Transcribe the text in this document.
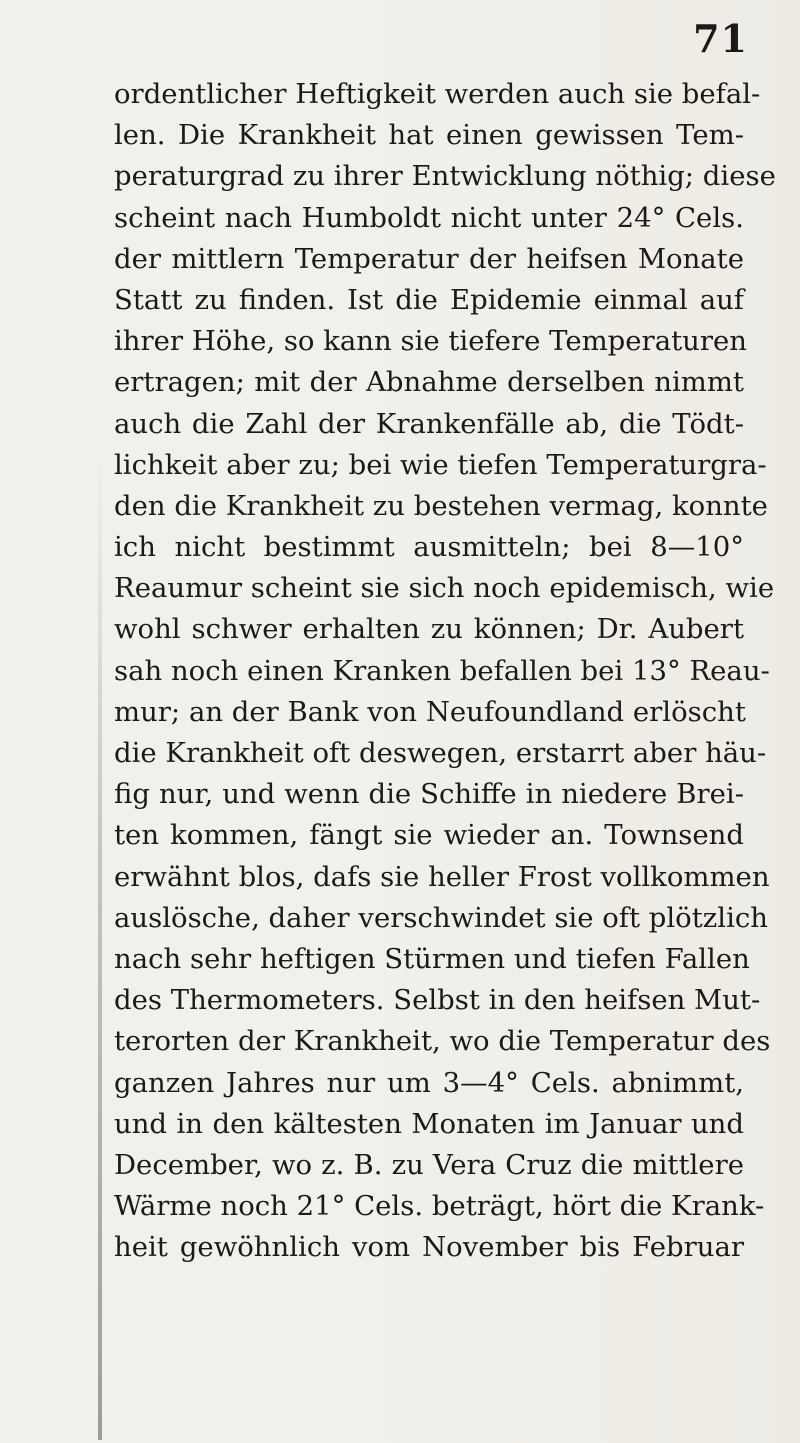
71
ordentlicher Heftigkeit werden auch sie befal-
len. Die Krankheit hat einen gewissen Tem-
peraturgrad zu ihrer Entwicklung nöthig; diese
scheint nach Humboldt nicht unter 24° Cels.
der mittlern Temperatur der heifsen Monate
Statt zu finden. Ist die Epidemie einmal auf
ihrer Höhe, so kann sie tiefere Temperaturen
ertragen; mit der Abnahme derselben nimmt
auch die Zahl der Krankenfälle ab, die Tödt-
lichkeit aber zu; bei wie tiefen Temperaturgra-
den die Krankheit zu bestehen vermag, konnte
ich nicht bestimmt ausmitteln; bei 8—10°
Reaumur scheint sie sich noch epidemisch, wie
wohl schwer erhalten zu können; Dr. Aubert
sah noch einen Kranken befallen bei 13° Reau-
mur; an der Bank von Neufoundland erlöscht
die Krankheit oft deswegen, erstarrt aber häu-
fig nur, und wenn die Schiffe in niedere Brei-
ten kommen, fängt sie wieder an. Townsend
erwähnt blos, dafs sie heller Frost vollkommen
auslösche, daher verschwindet sie oft plötzlich
nach sehr heftigen Stürmen und tiefen Fallen
des Thermometers. Selbst in den heifsen Mut-
terorten der Krankheit, wo die Temperatur des
ganzen Jahres nur um 3—4° Cels. abnimmt,
und in den kältesten Monaten im Januar und
December, wo z. B. zu Vera Cruz die mittlere
Wärme noch 21° Cels. beträgt, hört die Krank-
heit gewöhnlich vom November bis Februar
